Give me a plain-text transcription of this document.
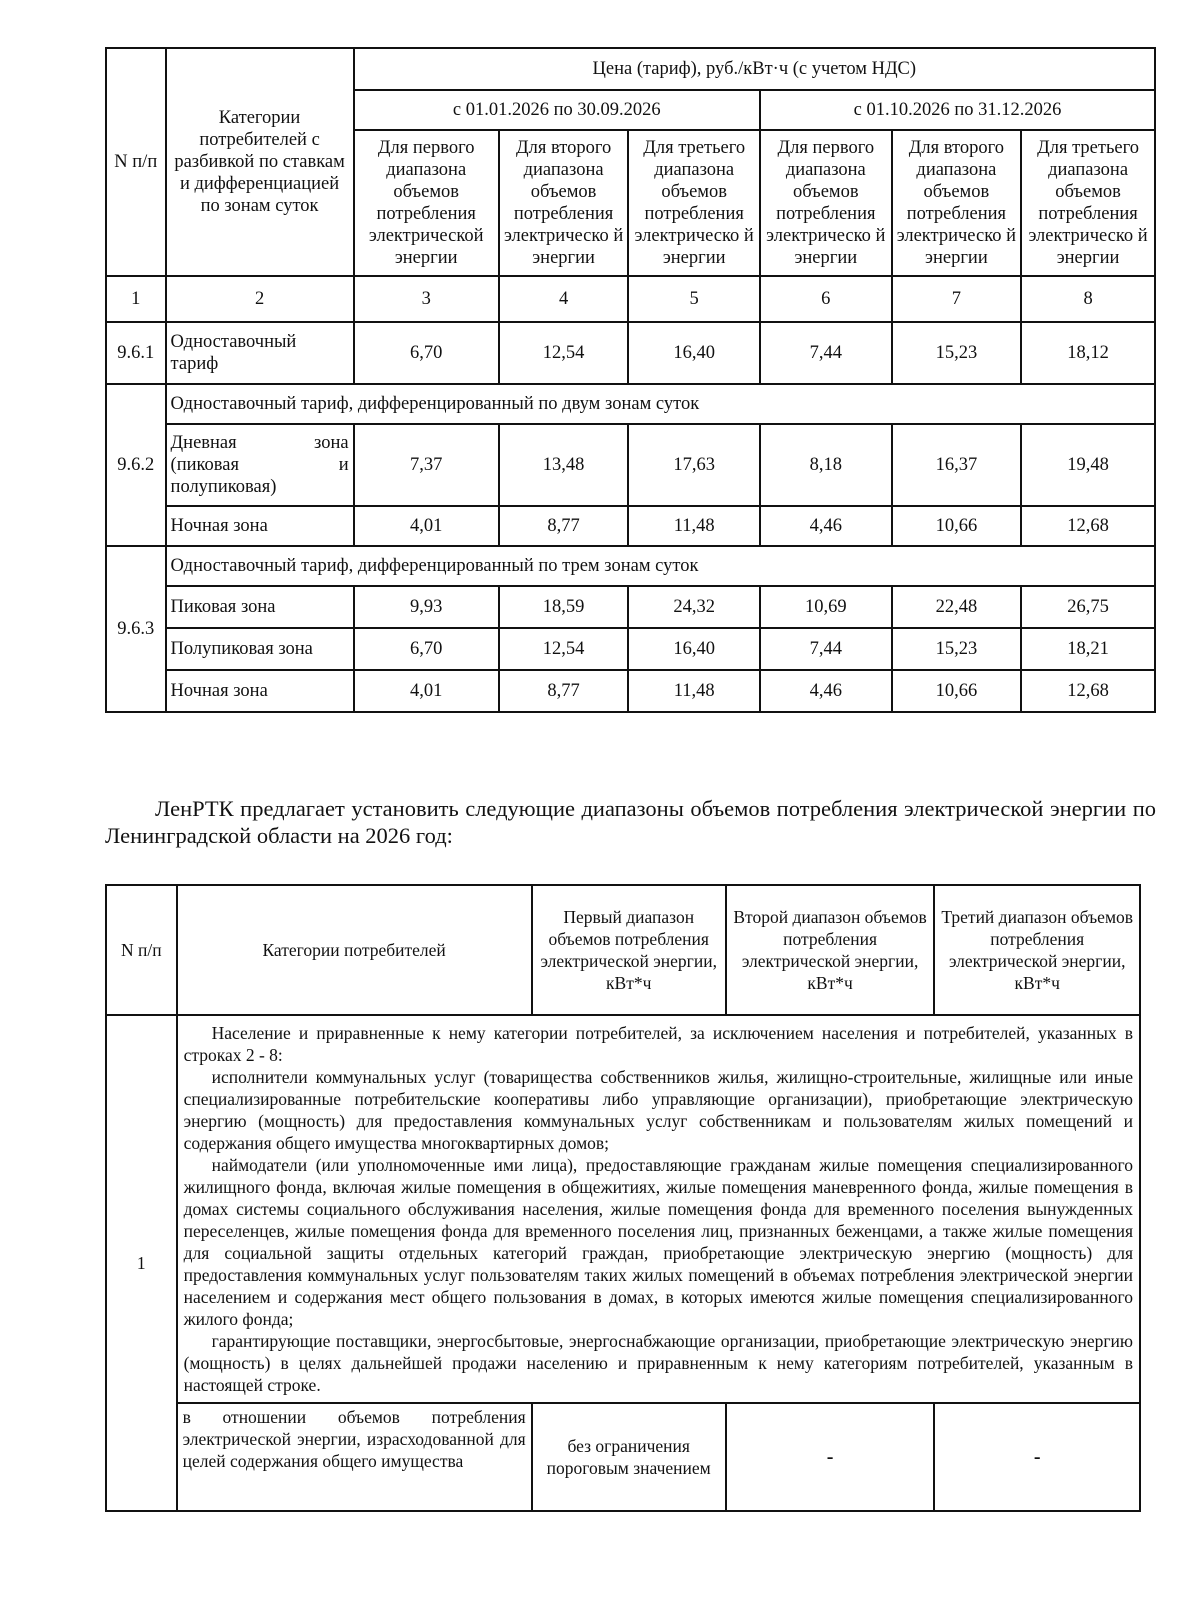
N п/п	Категории потребителей с разбивкой по ставкам и дифференциацией по зонам суток	Цена (тариф), руб./кВт·ч (с учетом НДС)					
		с 01.01.2026 по 30.09.2026			с 01.10.2026 по 31.12.2026		
		Для первого диапазона объемов потребления электрической энергии	Для второго диапазона объемов потребления электрическо й энергии	Для третьего диапазона объемов потребления электрическо й энергии	Для первого диапазона объемов потребления электрическо й энергии	Для второго диапазона объемов потребления электрическо й энергии	Для третьего диапазона объемов потребления электрическо й энергии
1	2	3	4	5	6	7	8
9.6.1	Одноставочный тариф	6,70	12,54	16,40	7,44	15,23	18,12
9.6.2	Одноставочный тариф, дифференцированный по двум зонам суток						
	Дневная зона (пиковая и полупиковая)	7,37	13,48	17,63	8,18	16,37	19,48
	Ночная зона	4,01	8,77	11,48	4,46	10,66	12,68
9.6.3	Одноставочный тариф, дифференцированный по трем зонам суток						
	Пиковая зона	9,93	18,59	24,32	10,69	22,48	26,75
	Полупиковая зона	6,70	12,54	16,40	7,44	15,23	18,21
	Ночная зона	4,01	8,77	11,48	4,46	10,66	12,68

ЛенРТК предлагает установить следующие диапазоны объемов потребления электрической энергии по Ленинградской области на 2026 год:

N п/п	Категории потребителей	Первый диапазон объемов потребления электрической энергии, кВт*ч	Второй диапазон объемов потребления электрической энергии, кВт*ч	Третий диапазон объемов потребления электрической энергии, кВт*ч
1	Население и приравненные к нему категории потребителей, за исключением населения и потребителей, указанных в строках 2 - 8:

исполнители коммунальных услуг (товарищества собственников жилья, жилищно-строительные, жилищные или иные специализированные потребительские кооперативы либо управляющие организации), приобретающие электрическую энергию (мощность) для предоставления коммунальных услуг собственникам и пользователям жилых помещений и содержания общего имущества многоквартирных домов;

наймодатели (или уполномоченные ими лица), предоставляющие гражданам жилые помещения специализированного жилищного фонда, включая жилые помещения в общежитиях, жилые помещения маневренного фонда, жилые помещения в домах системы социального обслуживания населения, жилые помещения фонда для временного поселения вынужденных переселенцев, жилые помещения фонда для временного поселения лиц, признанных беженцами, а также жилые помещения для социальной защиты отдельных категорий граждан, приобретающие электрическую энергию (мощность) для предоставления коммунальных услуг пользователям таких жилых помещений в объемах потребления электрической энергии населением и содержания мест общего пользования в домах, в которых имеются жилые помещения специализированного жилого фонда;

гарантирующие поставщики, энергосбытовые, энергоснабжающие организации, приобретающие электрическую энергию (мощность) в целях дальнейшей продажи населению и приравненным к нему категориям потребителей, указанным в настоящей строке.			

	в отношении объемов потребления электрической энергии, израсходованной для целей содержания общего имущества	без ограничения пороговым значением	-	-
